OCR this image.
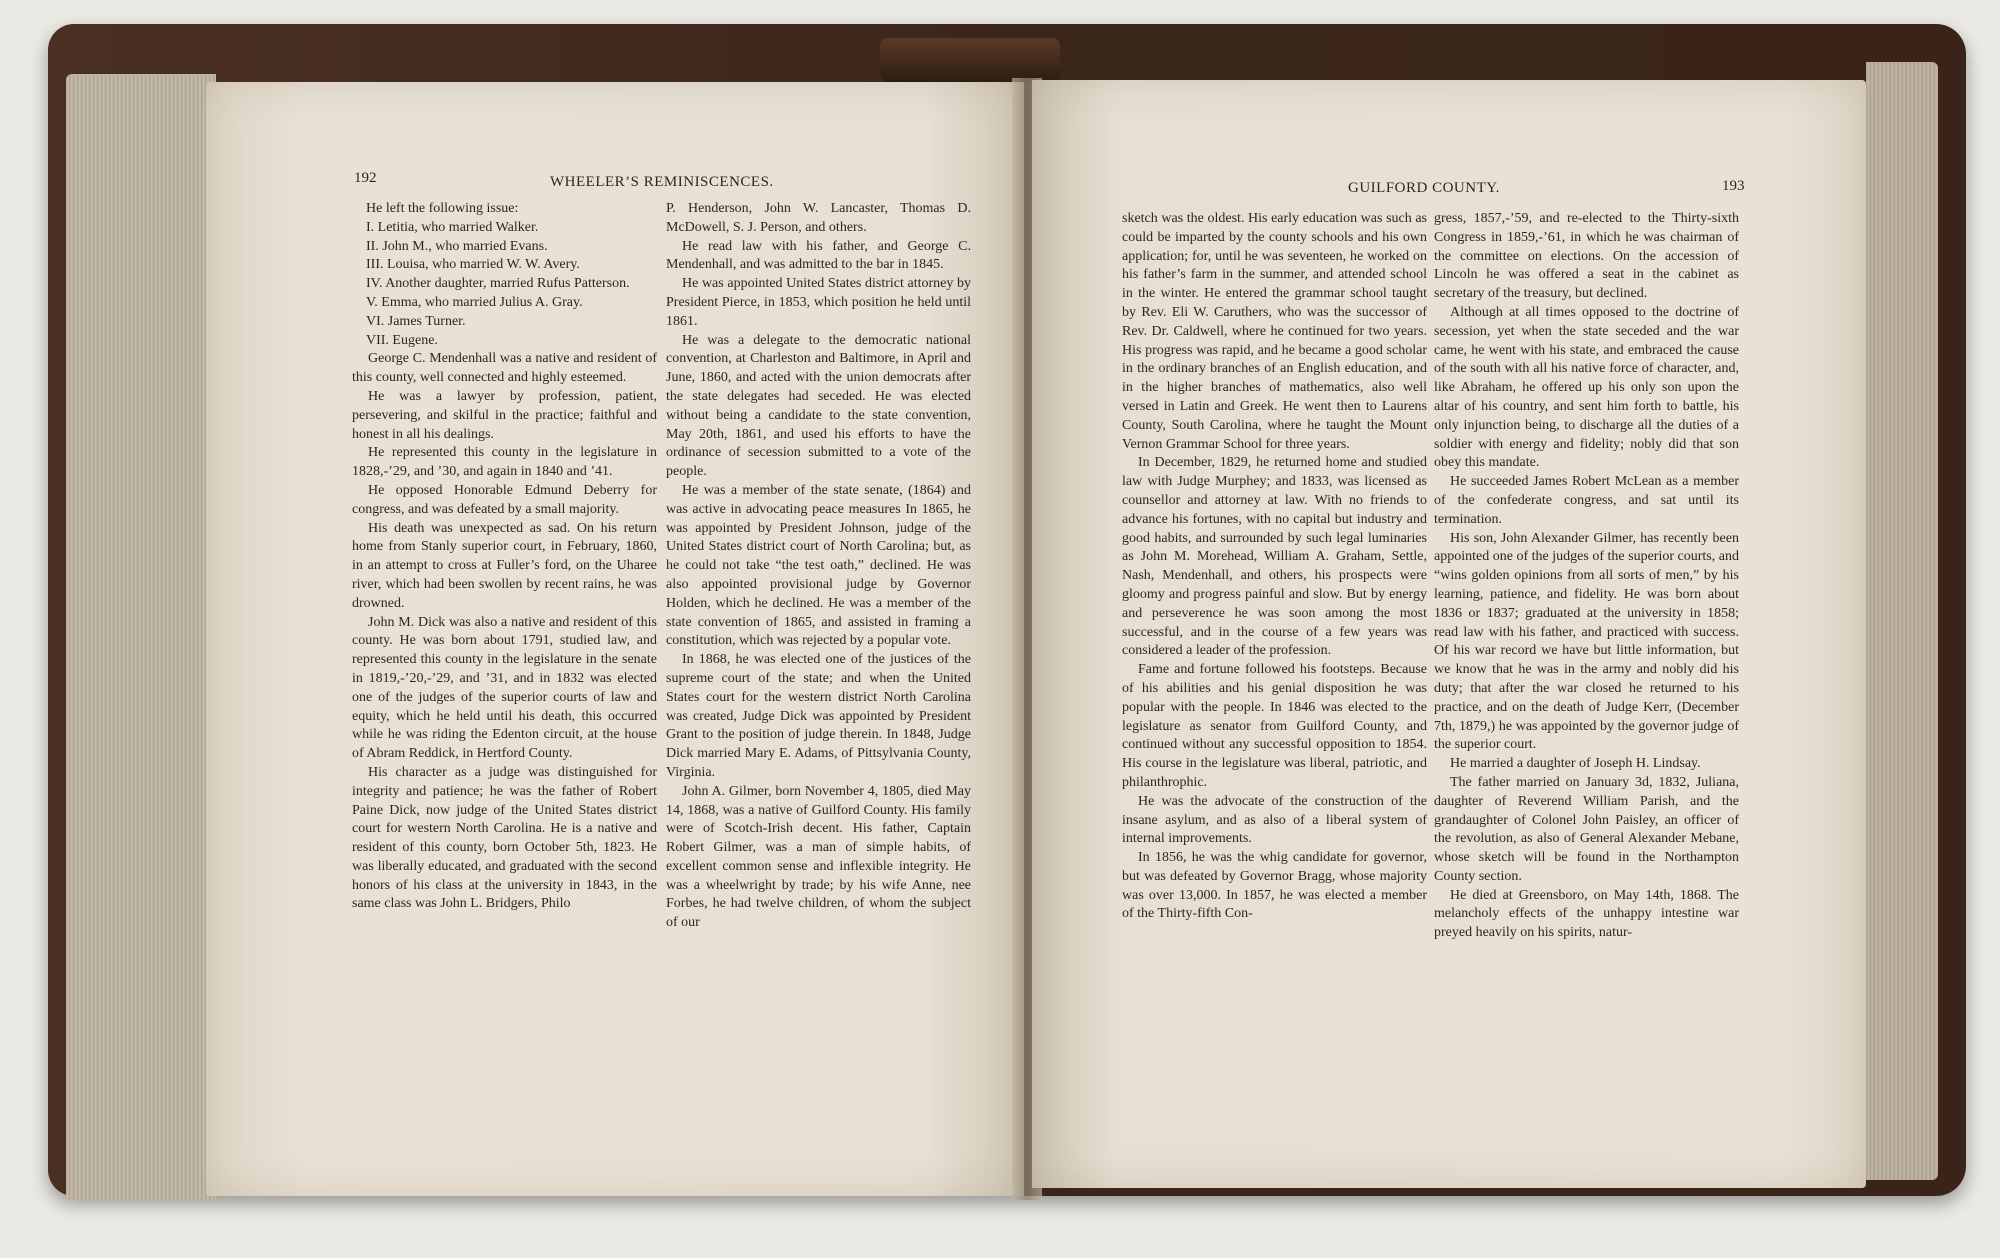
192	WHEELER’S REMINISCENCES.

He left the following issue:

I. Letitia, who married Walker.

II. John M., who married Evans.

III. Louisa, who married W. W. Avery.

IV. Another daughter, married Rufus Patterson.

V. Emma, who married Julius A. Gray.

VI. James Turner.

VII. Eugene.

George C. Mendenhall was a native and resident of this county, well connected and highly esteemed.

He was a lawyer by profession, patient, persevering, and skilful in the practice; faithful and honest in all his dealings.

He represented this county in the legislature in 1828,-’29, and ’30, and again in 1840 and ’41.

He opposed Honorable Edmund Deberry for congress, and was defeated by a small majority.

His death was unexpected as sad. On his return home from Stanly superior court, in February, 1860, in an attempt to cross at Fuller’s ford, on the Uharee river, which had been swollen by recent rains, he was drowned.

John M. Dick was also a native and resident of this county. He was born about 1791, studied law, and represented this county in the legislature in the senate in 1819,-’20,-’29, and ’31, and in 1832 was elected one of the judges of the superior courts of law and equity, which he held until his death, this occurred while he was riding the Edenton circuit, at the house of Abram Reddick, in Hertford County.

His character as a judge was distinguished for integrity and patience; he was the father of Robert Paine Dick, now judge of the United States district court for western North Carolina. He is a native and resident of this county, born October 5th, 1823. He was liberally educated, and graduated with the second honors of his class at the university in 1843, in the same class was John L. Bridgers, Philo

P. Henderson, John W. Lancaster, Thomas D. McDowell, S. J. Person, and others.

He read law with his father, and George C. Mendenhall, and was admitted to the bar in 1845.

He was appointed United States district attorney by President Pierce, in 1853, which position he held until 1861.

He was a delegate to the democratic national convention, at Charleston and Baltimore, in April and June, 1860, and acted with the union democrats after the state delegates had seceded. He was elected without being a candidate to the state convention, May 20th, 1861, and used his efforts to have the ordinance of secession submitted to a vote of the people.

He was a member of the state senate, (1864) and was active in advocating peace measures In 1865, he was appointed by President Johnson, judge of the United States district court of North Carolina; but, as he could not take “the test oath,” declined. He was also appointed provisional judge by Governor Holden, which he declined. He was a member of the state convention of 1865, and assisted in framing a constitution, which was rejected by a popular vote.

In 1868, he was elected one of the justices of the supreme court of the state; and when the United States court for the western district North Carolina was created, Judge Dick was appointed by President Grant to the position of judge therein. In 1848, Judge Dick married Mary E. Adams, of Pittsylvania County, Virginia.

John A. Gilmer, born November 4, 1805, died May 14, 1868, was a native of Guilford County. His family were of Scotch-Irish decent. His father, Captain Robert Gilmer, was a man of simple habits, of excellent common sense and inflexible integrity. He was a wheelwright by trade; by his wife Anne, nee Forbes, he had twelve children, of whom the subject of our

GUILFORD COUNTY.	193

sketch was the oldest. His early education was such as could be imparted by the county schools and his own application; for, until he was seventeen, he worked on his father’s farm in the summer, and attended school in the winter. He entered the grammar school taught by Rev. Eli W. Caruthers, who was the successor of Rev. Dr. Caldwell, where he continued for two years. His progress was rapid, and he became a good scholar in the ordinary branches of an English education, and in the higher branches of mathematics, also well versed in Latin and Greek. He went then to Laurens County, South Carolina, where he taught the Mount Vernon Grammar School for three years.

In December, 1829, he returned home and studied law with Judge Murphey; and 1833, was licensed as counsellor and attorney at law. With no friends to advance his fortunes, with no capital but industry and good habits, and surrounded by such legal luminaries as John M. Morehead, William A. Graham, Settle, Nash, Mendenhall, and others, his prospects were gloomy and progress painful and slow. But by energy and perseverence he was soon among the most successful, and in the course of a few years was considered a leader of the profession.

Fame and fortune followed his footsteps. Because of his abilities and his genial disposition he was popular with the people. In 1846 was elected to the legislature as senator from Guilford County, and continued without any successful opposition to 1854. His course in the legislature was liberal, patriotic, and philanthrophic.

He was the advocate of the construction of the insane asylum, and as also of a liberal system of internal improvements.

In 1856, he was the whig candidate for governor, but was defeated by Governor Bragg, whose majority was over 13,000. In 1857, he was elected a member of the Thirty-fifth Con-

gress, 1857,-’59, and re-elected to the Thirty-sixth Congress in 1859,-’61, in which he was chairman of the committee on elections. On the accession of Lincoln he was offered a seat in the cabinet as secretary of the treasury, but declined.

Although at all times opposed to the doctrine of secession, yet when the state seceded and the war came, he went with his state, and embraced the cause of the south with all his native force of character, and, like Abraham, he offered up his only son upon the altar of his country, and sent him forth to battle, his only injunction being, to discharge all the duties of a soldier with energy and fidelity; nobly did that son obey this mandate.

He succeeded James Robert McLean as a member of the confederate congress, and sat until its termination.

His son, John Alexander Gilmer, has recently been appointed one of the judges of the superior courts, and “wins golden opinions from all sorts of men,” by his learning, patience, and fidelity. He was born about 1836 or 1837; graduated at the university in 1858; read law with his father, and practiced with success. Of his war record we have but little information, but we know that he was in the army and nobly did his duty; that after the war closed he returned to his practice, and on the death of Judge Kerr, (December 7th, 1879,) he was appointed by the governor judge of the superior court.

He married a daughter of Joseph H. Lindsay.

The father married on January 3d, 1832, Juliana, daughter of Reverend William Parish, and the grandaughter of Colonel John Paisley, an officer of the revolution, as also of General Alexander Mebane, whose sketch will be found in the Northampton County section.

He died at Greensboro, on May 14th, 1868. The melancholy effects of the unhappy intestine war preyed heavily on his spirits, natur-
